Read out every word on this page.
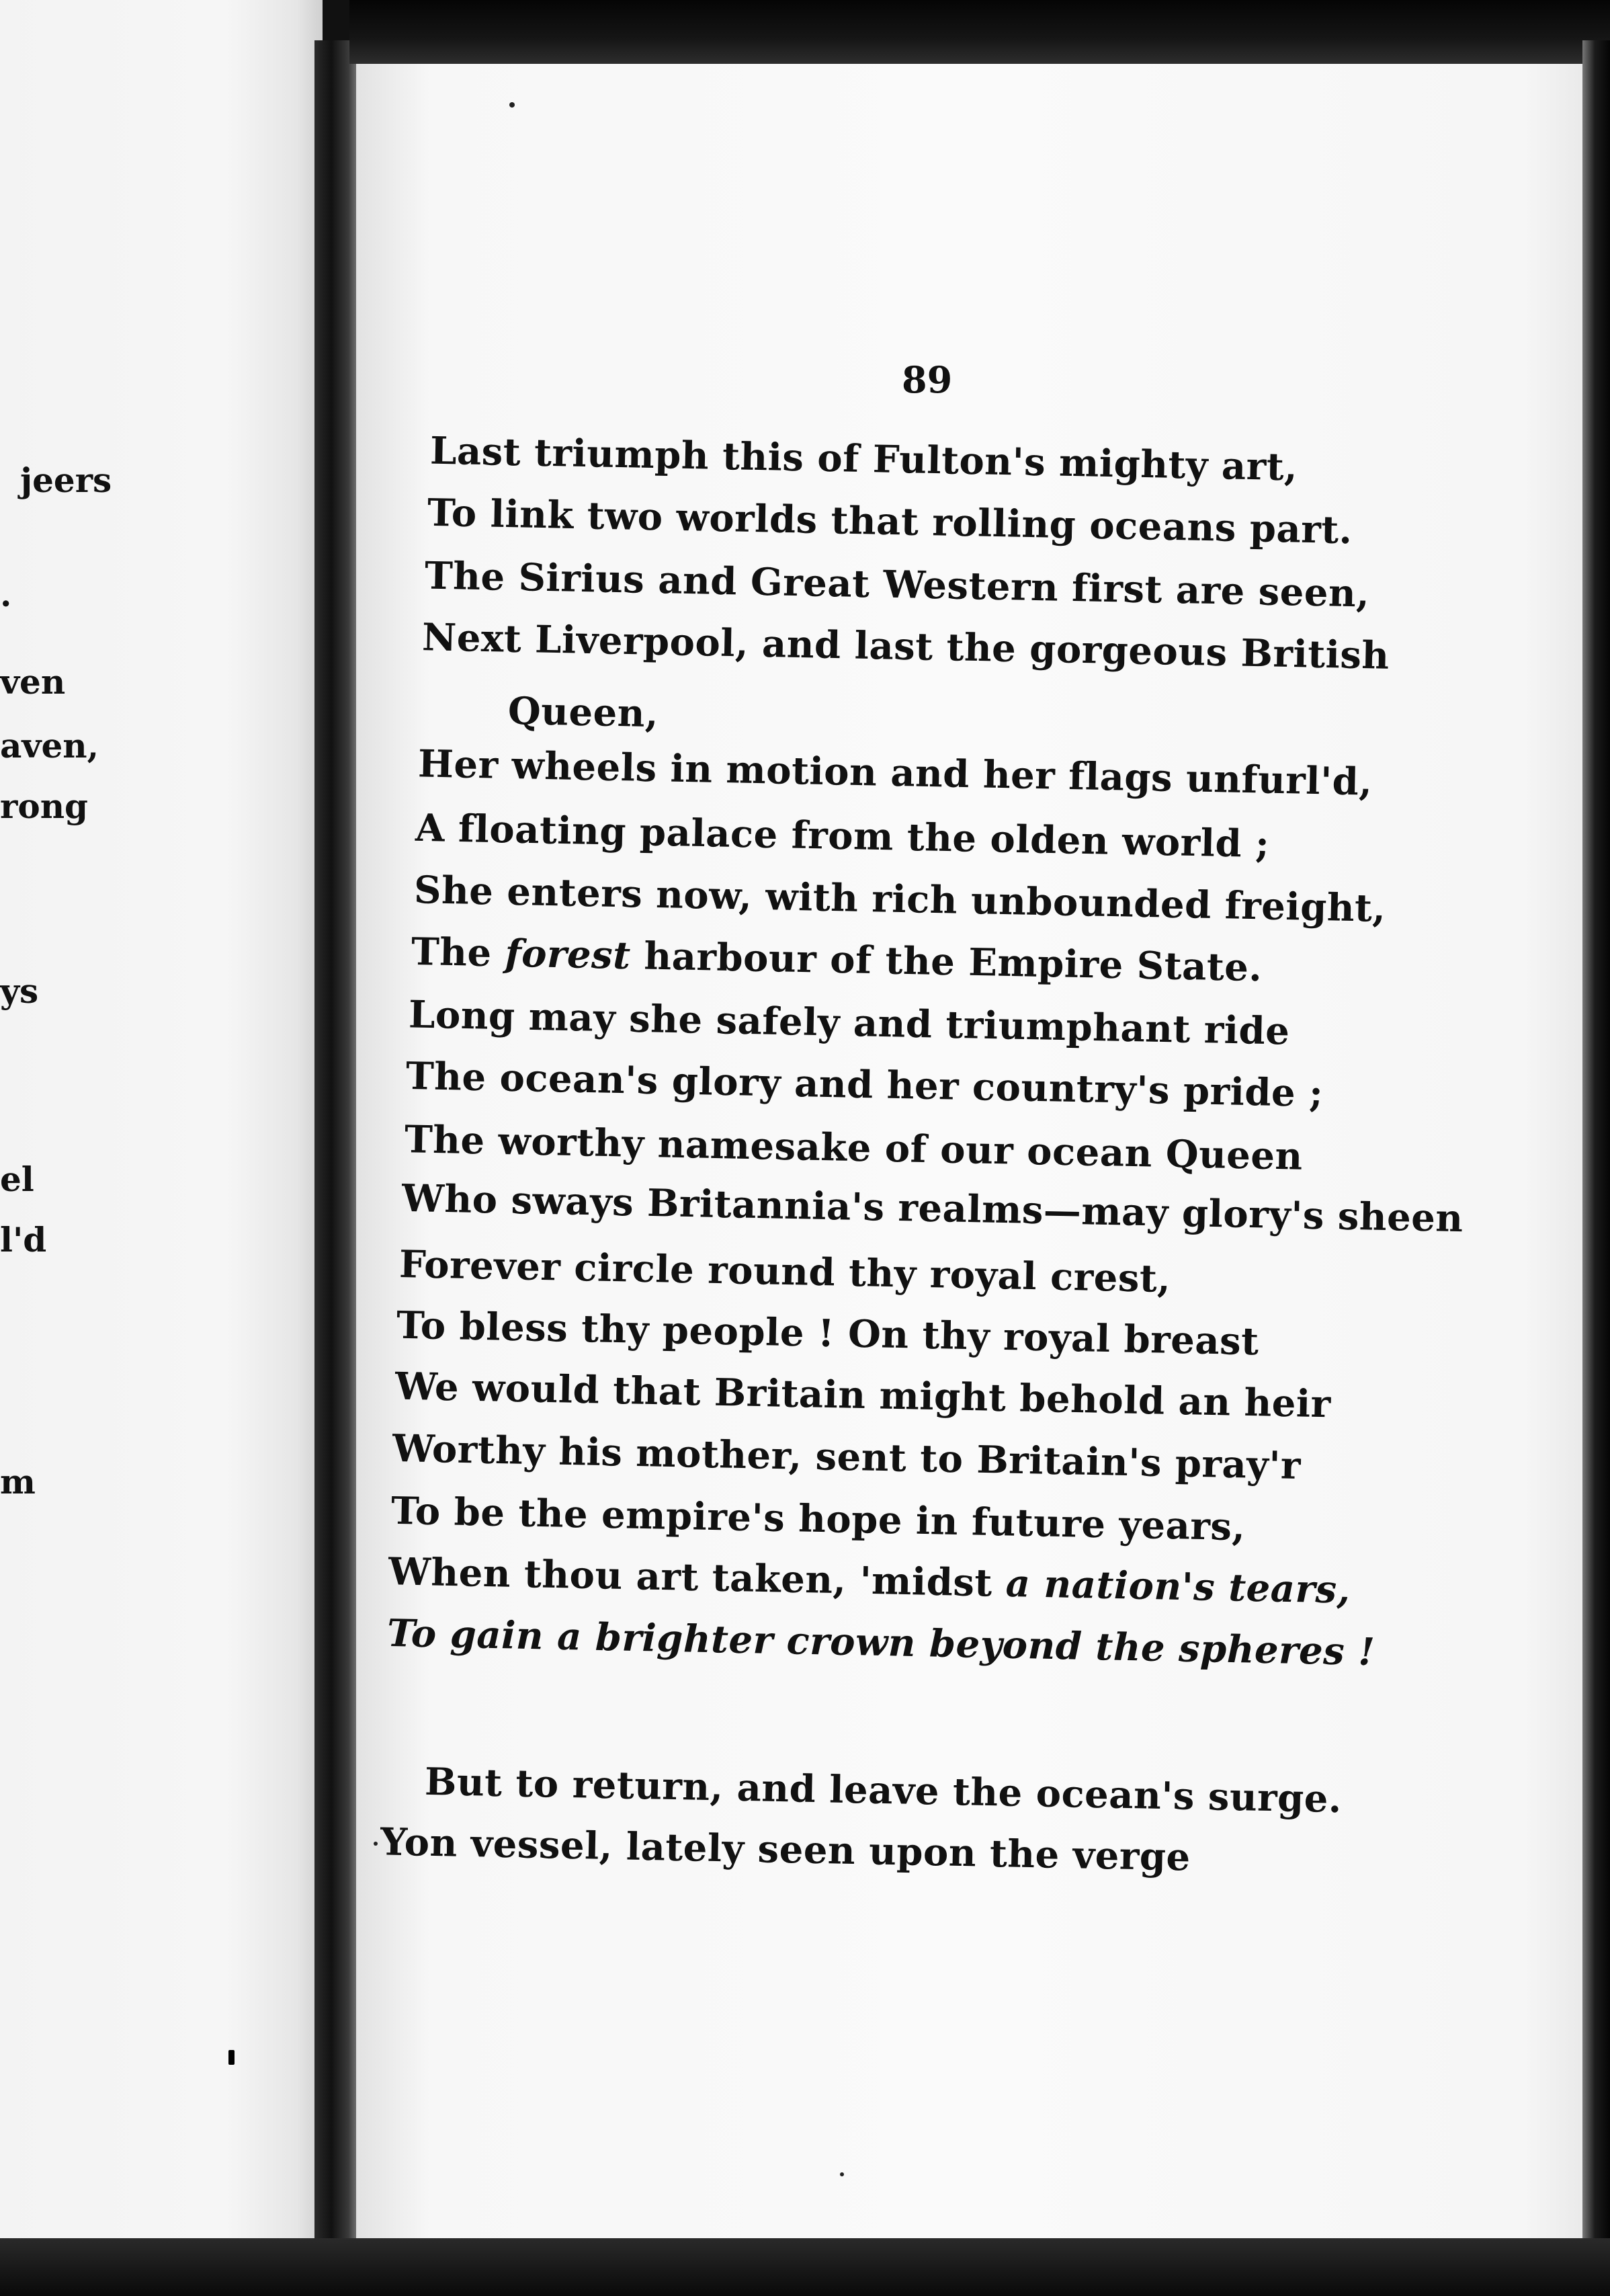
jeers
.
ven
aven,
rong
ys
el
l'd
m
89
Last triumph this of Fulton's mighty art,
To link two worlds that rolling oceans part.
The Sirius and Great Western first are seen,
Next Liverpool, and last the gorgeous British
Queen,
Her wheels in motion and her flags unfurl'd,
A floating palace from the olden world ;
She enters now, with rich unbounded freight,
The forest harbour of the Empire State.
Long may she safely and triumphant ride
The ocean's glory and her country's pride ;
The worthy namesake of our ocean Queen
Who sways Britannia's realms—may glory's sheen
Forever circle round thy royal crest,
To bless thy people ! On thy royal breast
We would that Britain might behold an heir
Worthy his mother, sent to Britain's pray'r
To be the empire's hope in future years,
When thou art taken, 'midst a nation's tears,
To gain a brighter crown beyond the spheres !
But to return, and leave the ocean's surge.
Yon vessel, lately seen upon the verge
